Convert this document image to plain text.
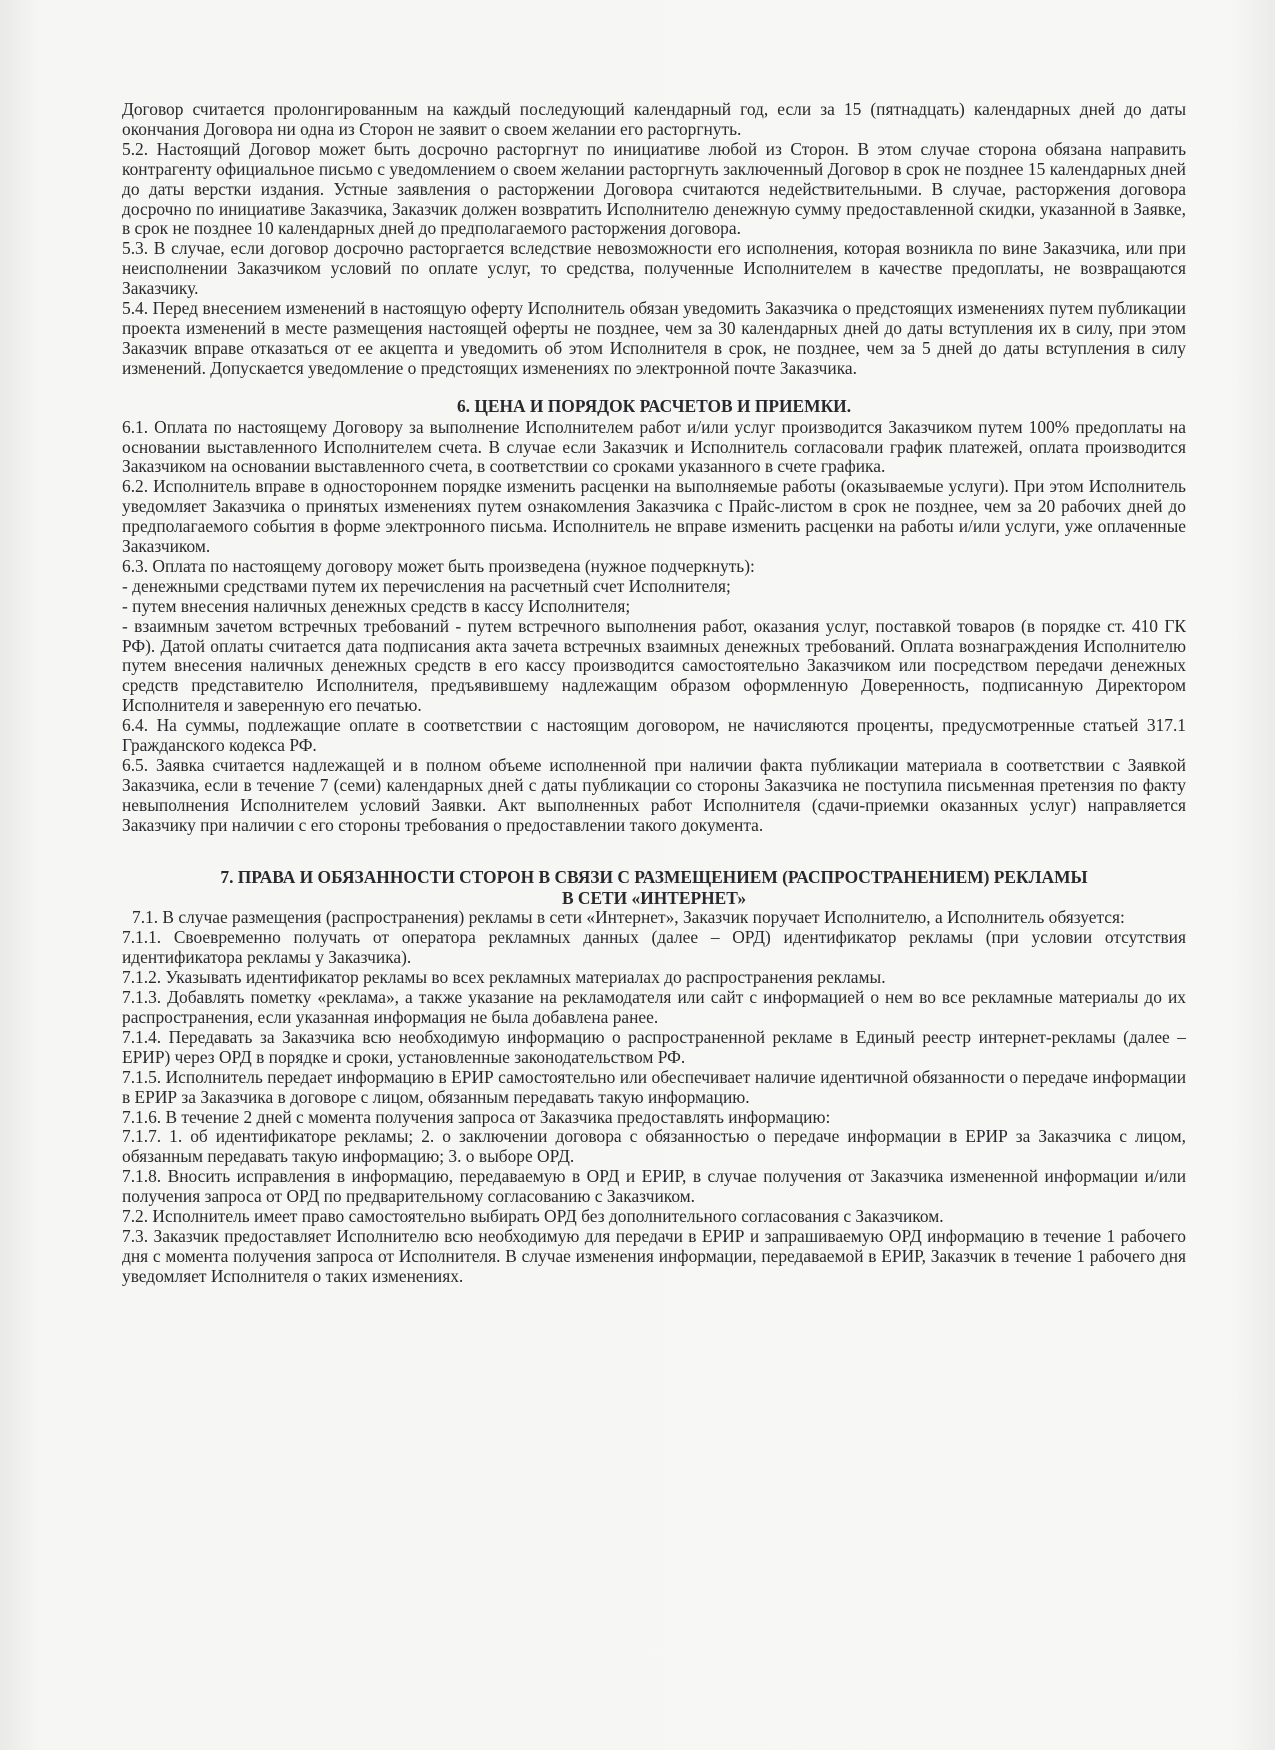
Договор считается пролонгированным на каждый последующий календарный год, если за 15 (пятнадцать) календарных дней до даты окончания Договора ни одна из Сторон не заявит о своем желании его расторгнуть.

5.2. Настоящий Договор может быть досрочно расторгнут по инициативе любой из Сторон. В этом случае сторона обязана направить контрагенту официальное письмо с уведомлением о своем желании расторгнуть заключенный Договор в срок не позднее 15 календарных дней до даты верстки издания. Устные заявления о расторжении Договора считаются недействительными. В случае, расторжения договора досрочно по инициативе Заказчика, Заказчик должен возвратить Исполнителю денежную сумму предоставленной скидки, указанной в Заявке, в срок не позднее 10 календарных дней до предполагаемого расторжения договора.

5.3. В случае, если договор досрочно расторгается вследствие невозможности его исполнения, которая возникла по вине Заказчика, или при неисполнении Заказчиком условий по оплате услуг, то средства, полученные Исполнителем в качестве предоплаты, не возвращаются Заказчику.

5.4. Перед внесением изменений в настоящую оферту Исполнитель обязан уведомить Заказчика о предстоящих изменениях путем публикации проекта изменений в месте размещения настоящей оферты не позднее, чем за 30 календарных дней до даты вступления их в силу, при этом Заказчик вправе отказаться от ее акцепта и уведомить об этом Исполнителя в срок, не позднее, чем за 5 дней до даты вступления в силу изменений. Допускается уведомление о предстоящих изменениях по электронной почте Заказчика.

6. ЦЕНА И ПОРЯДОК РАСЧЕТОВ И ПРИЕМКИ.

6.1. Оплата по настоящему Договору за выполнение Исполнителем работ и/или услуг производится Заказчиком путем 100% предоплаты на основании выставленного Исполнителем счета. В случае если Заказчик и Исполнитель согласовали график платежей, оплата производится Заказчиком на основании выставленного счета, в соответствии со сроками указанного в счете графика.

6.2. Исполнитель вправе в одностороннем порядке изменить расценки на выполняемые работы (оказываемые услуги). При этом Исполнитель уведомляет Заказчика о принятых изменениях путем ознакомления Заказчика с Прайс-листом в срок не позднее, чем за 20 рабочих дней до предполагаемого события в форме электронного письма. Исполнитель не вправе изменить расценки на работы и/или услуги, уже оплаченные Заказчиком.

6.3. Оплата по настоящему договору может быть произведена (нужное подчеркнуть):

- денежными средствами путем их перечисления на расчетный счет Исполнителя;

- путем внесения наличных денежных средств в кассу Исполнителя;

- взаимным зачетом встречных требований - путем встречного выполнения работ, оказания услуг, поставкой товаров (в порядке ст. 410 ГК РФ). Датой оплаты считается дата подписания акта зачета встречных взаимных денежных требований. Оплата вознаграждения Исполнителю путем внесения наличных денежных средств в его кассу производится самостоятельно Заказчиком или посредством передачи денежных средств представителю Исполнителя, предъявившему надлежащим образом оформленную Доверенность, подписанную Директором Исполнителя и заверенную его печатью.

6.4. На суммы, подлежащие оплате в соответствии с настоящим договором, не начисляются проценты, предусмотренные статьей 317.1 Гражданского кодекса РФ.

6.5. Заявка считается надлежащей и в полном объеме исполненной при наличии факта публикации материала в соответствии с Заявкой Заказчика, если в течение 7 (семи) календарных дней с даты публикации со стороны Заказчика не поступила письменная претензия по факту невыполнения Исполнителем условий Заявки. Акт выполненных работ Исполнителя (сдачи-приемки оказанных услуг) направляется Заказчику при наличии с его стороны требования о предоставлении такого документа.

7. ПРАВА И ОБЯЗАННОСТИ СТОРОН В СВЯЗИ С РАЗМЕЩЕНИЕМ (РАСПРОСТРАНЕНИЕМ) РЕКЛАМЫ

В СЕТИ «ИНТЕРНЕТ»

7.1. В случае размещения (распространения) рекламы в сети «Интернет», Заказчик поручает Исполнителю, а Исполнитель обязуется:

7.1.1. Своевременно получать от оператора рекламных данных (далее – ОРД) идентификатор рекламы (при условии отсутствия идентификатора рекламы у Заказчика).

7.1.2. Указывать идентификатор рекламы во всех рекламных материалах до распространения рекламы.

7.1.3. Добавлять пометку «реклама», а также указание на рекламодателя или сайт с информацией о нем во все рекламные материалы до их распространения, если указанная информация не была добавлена ранее.

7.1.4. Передавать за Заказчика всю необходимую информацию о распространенной рекламе в Единый реестр интернет-рекламы (далее – ЕРИР) через ОРД в порядке и сроки, установленные законодательством РФ.

7.1.5. Исполнитель передает информацию в ЕРИР самостоятельно или обеспечивает наличие идентичной обязанности о передаче информации в ЕРИР за Заказчика в договоре с лицом, обязанным передавать такую информацию.

7.1.6. В течение 2 дней с момента получения запроса от Заказчика предоставлять информацию:

7.1.7. 1. об идентификаторе рекламы; 2. о заключении договора с обязанностью о передаче информации в ЕРИР за Заказчика с лицом, обязанным передавать такую информацию; 3. о выборе ОРД.

7.1.8. Вносить исправления в информацию, передаваемую в ОРД и ЕРИР, в случае получения от Заказчика измененной информации и/или получения запроса от ОРД по предварительному согласованию с Заказчиком.

7.2. Исполнитель имеет право самостоятельно выбирать ОРД без дополнительного согласования с Заказчиком.

7.3. Заказчик предоставляет Исполнителю всю необходимую для передачи в ЕРИР и запрашиваемую ОРД информацию в течение 1 рабочего дня с момента получения запроса от Исполнителя. В случае изменения информации, передаваемой в ЕРИР, Заказчик в течение 1 рабочего дня уведомляет Исполнителя о таких изменениях.
